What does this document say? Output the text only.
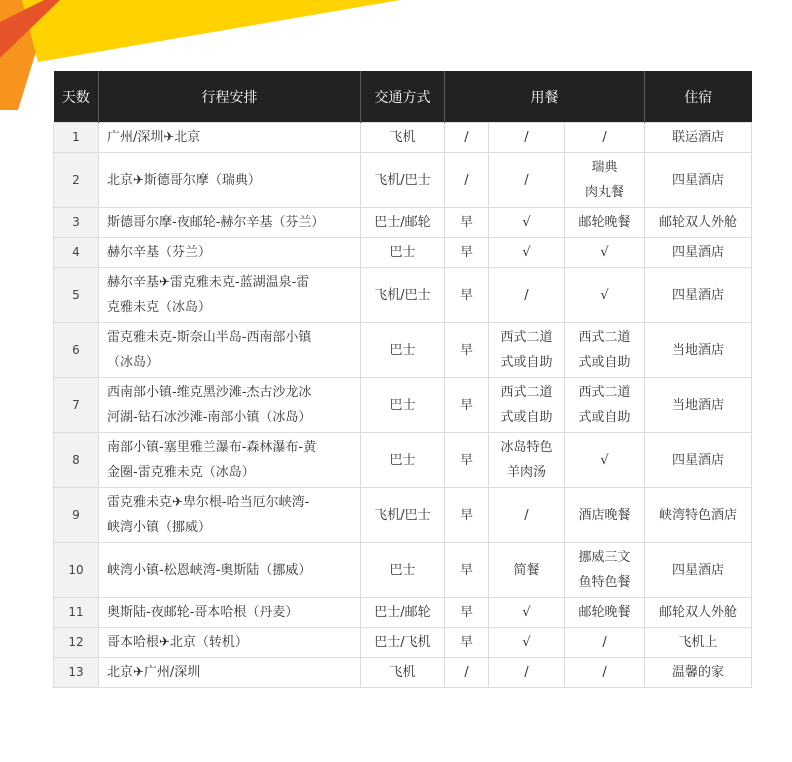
天数	行程安排	交通方式	用餐			住宿
1	广州/深圳✈北京	飞机	/	/	/	联运酒店
2	北京✈斯德哥尔摩（瑞典）	飞机/巴士	/	/	瑞典
肉丸餐	四星酒店
3	斯德哥尔摩-夜邮轮-赫尔辛基（芬兰）	巴士/邮轮	早	√	邮轮晚餐	邮轮双人外舱
4	赫尔辛基（芬兰）	巴士	早	√	√	四星酒店
5	赫尔辛基✈雷克雅未克-蓝湖温泉-雷
克雅未克（冰岛）	飞机/巴士	早	/	√	四星酒店
6	雷克雅未克-斯奈山半岛-西南部小镇
（冰岛）	巴士	早	西式二道
式或自助	西式二道
式或自助	当地酒店
7	西南部小镇-维克黑沙滩-杰古沙龙冰
河湖-钻石冰沙滩-南部小镇（冰岛）	巴士	早	西式二道
式或自助	西式二道
式或自助	当地酒店
8	南部小镇-塞里雅兰瀑布-森林瀑布-黄
金圈-雷克雅未克（冰岛）	巴士	早	冰岛特色
羊肉汤	√	四星酒店
9	雷克雅未克✈卑尔根-哈当厄尔峡湾-
峡湾小镇（挪威）	飞机/巴士	早	/	酒店晚餐	峡湾特色酒店
10	峡湾小镇-松恩峡湾-奥斯陆（挪威）	巴士	早	简餐	挪威三文
鱼特色餐	四星酒店
11	奥斯陆-夜邮轮-哥本哈根（丹麦）	巴士/邮轮	早	√	邮轮晚餐	邮轮双人外舱
12	哥本哈根✈北京（转机）	巴士/飞机	早	√	/	飞机上
13	北京✈广州/深圳	飞机	/	/	/	温馨的家
